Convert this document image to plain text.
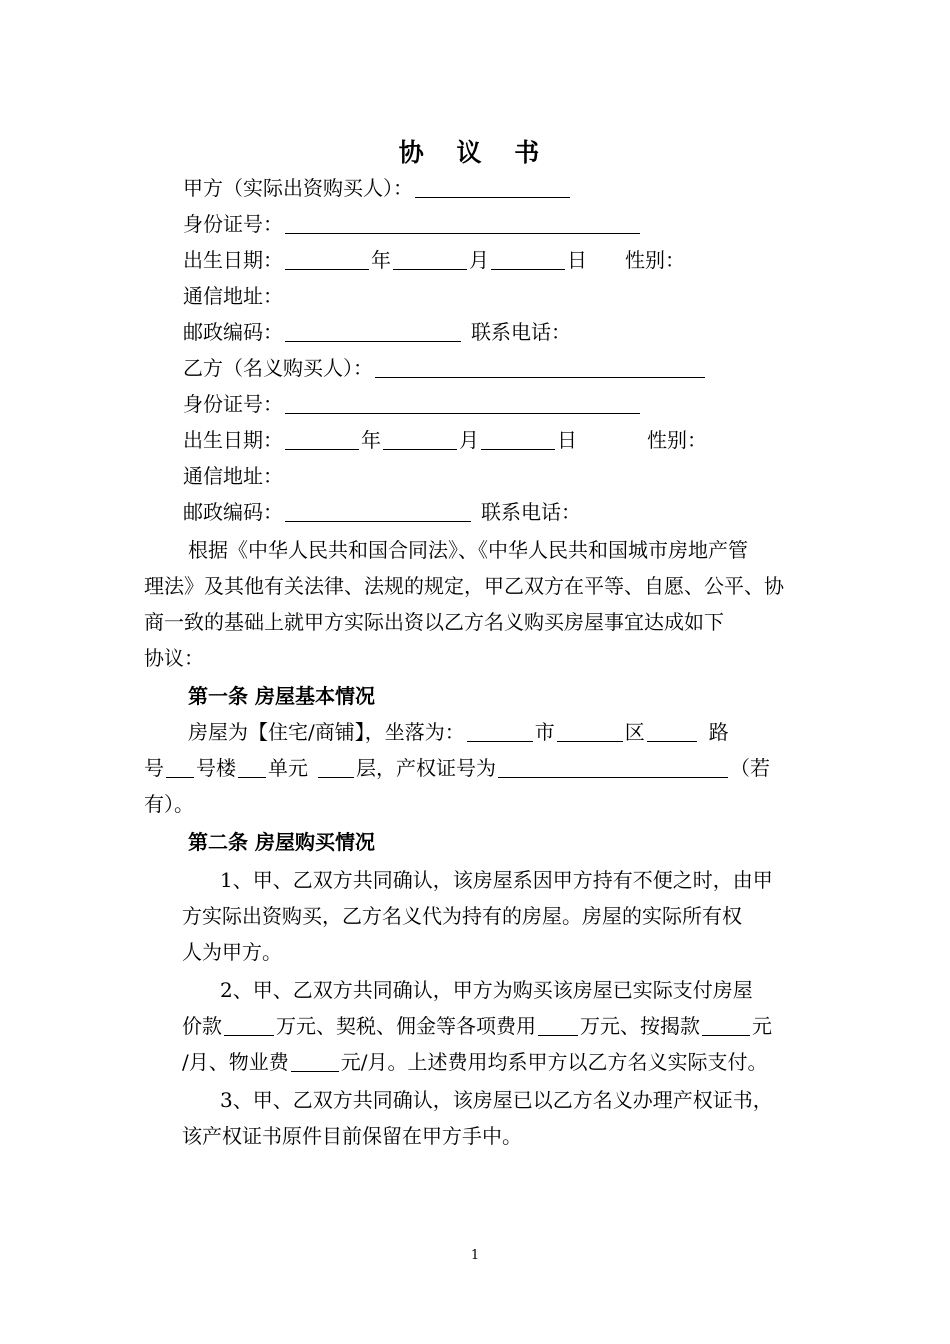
协 议 书
甲方（实际出资购买人）：
身份证号：
出生日期：	年	月	日 性别：
通信地址：
邮政编码：	联系电话：
乙方（名义购买人）：
身份证号：
出生日期：	年	月	日	性别：
通信地址：
邮政编码：	联系电话：
根据《中华人民共和国合同法》、《中华人民共和国城市房地产管
理法》及其他有关法律、法规的规定，甲乙双方在平等、自愿、公平、协
商一致的基础上就甲方实际出资以乙方名义购买房屋事宜达成如下
协议：
第一条 房屋基本情况
房屋为【住宅/商铺】，坐落为：	市	区	路
号 号楼 单元 层，产权证号为	（若
有）。
第二条 房屋购买情况
1、甲、乙双方共同确认，该房屋系因甲方持有不便之时，由甲
方实际出资购买，乙方名义代为持有的房屋。房屋的实际所有权
人为甲方。
2、甲、乙双方共同确认，甲方为购买该房屋已实际支付房屋
价款	万元、契税、佣金等各项费用 万元、按揭款	元
/月、物业费	元/月。上述费用均系甲方以乙方名义实际支付。
3、甲、乙双方共同确认，该房屋已以乙方名义办理产权证书，
该产权证书原件目前保留在甲方手中。
1
